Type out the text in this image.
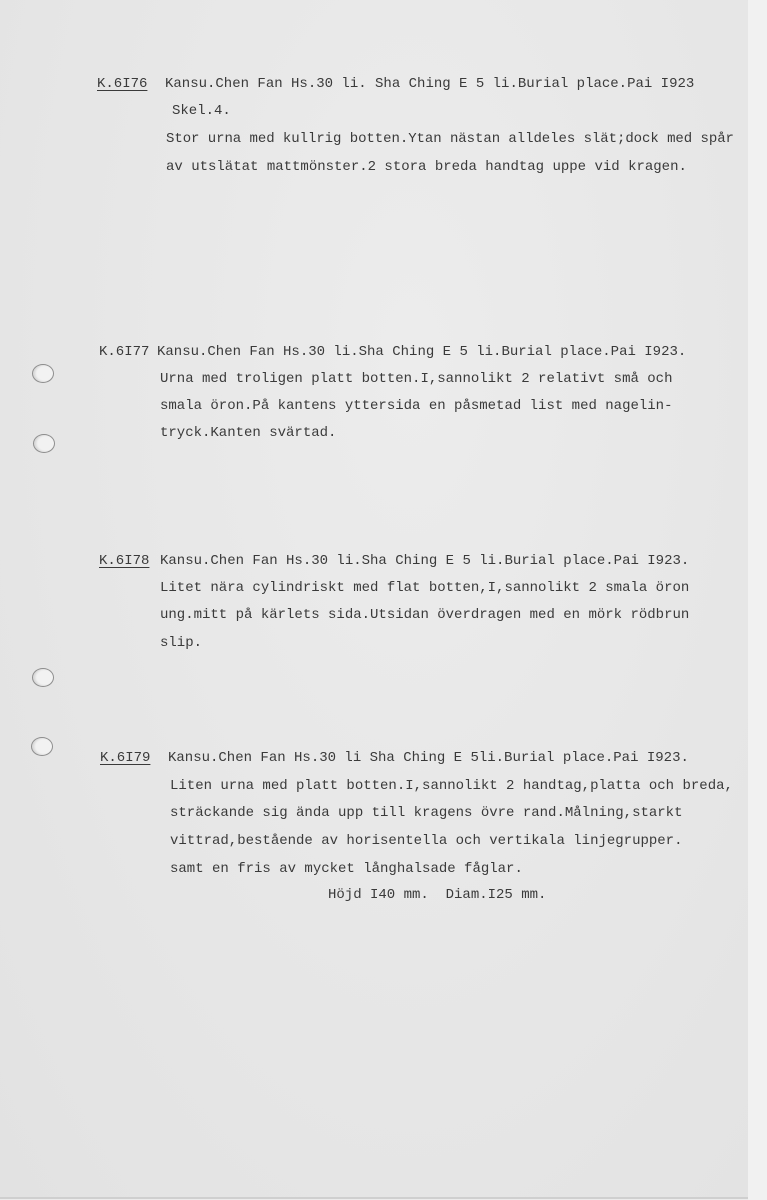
K.6I76 Kansu.Chen Fan Hs.30 li. Sha Ching E 5 li.Burial place.Pai I923
Skel.4.
Stor urna med kullrig botten.Ytan nästan alldeles slät;dock med spår
av utslätat mattmönster.2 stora breda handtag uppe vid kragen.
K.6I77 Kansu.Chen Fan Hs.30 li.Sha Ching E 5 li.Burial place.Pai I923.
Urna med troligen platt botten.I,sannolikt 2 relativt små och
smala öron.På kantens yttersida en påsmetad list med nagelin-
tryck.Kanten svärtad.
K.6I78 Kansu.Chen Fan Hs.30 li.Sha Ching E 5 li.Burial place.Pai I923.
Litet nära cylindriskt med flat botten,I,sannolikt 2 smala öron
ung.mitt på kärlets sida.Utsidan överdragen med en mörk rödbrun
slip.
K.6I79 Kansu.Chen Fan Hs.30 li Sha Ching E 5li.Burial place.Pai I923.
Liten urna med platt botten.I,sannolikt 2 handtag,platta och breda,
sträckande sig ända upp till kragens övre rand.Målning,starkt
vittrad,bestående av horisentella och vertikala linjegrupper.
samt en fris av mycket långhalsade fåglar.
Höjd I40 mm.  Diam.I25 mm.
